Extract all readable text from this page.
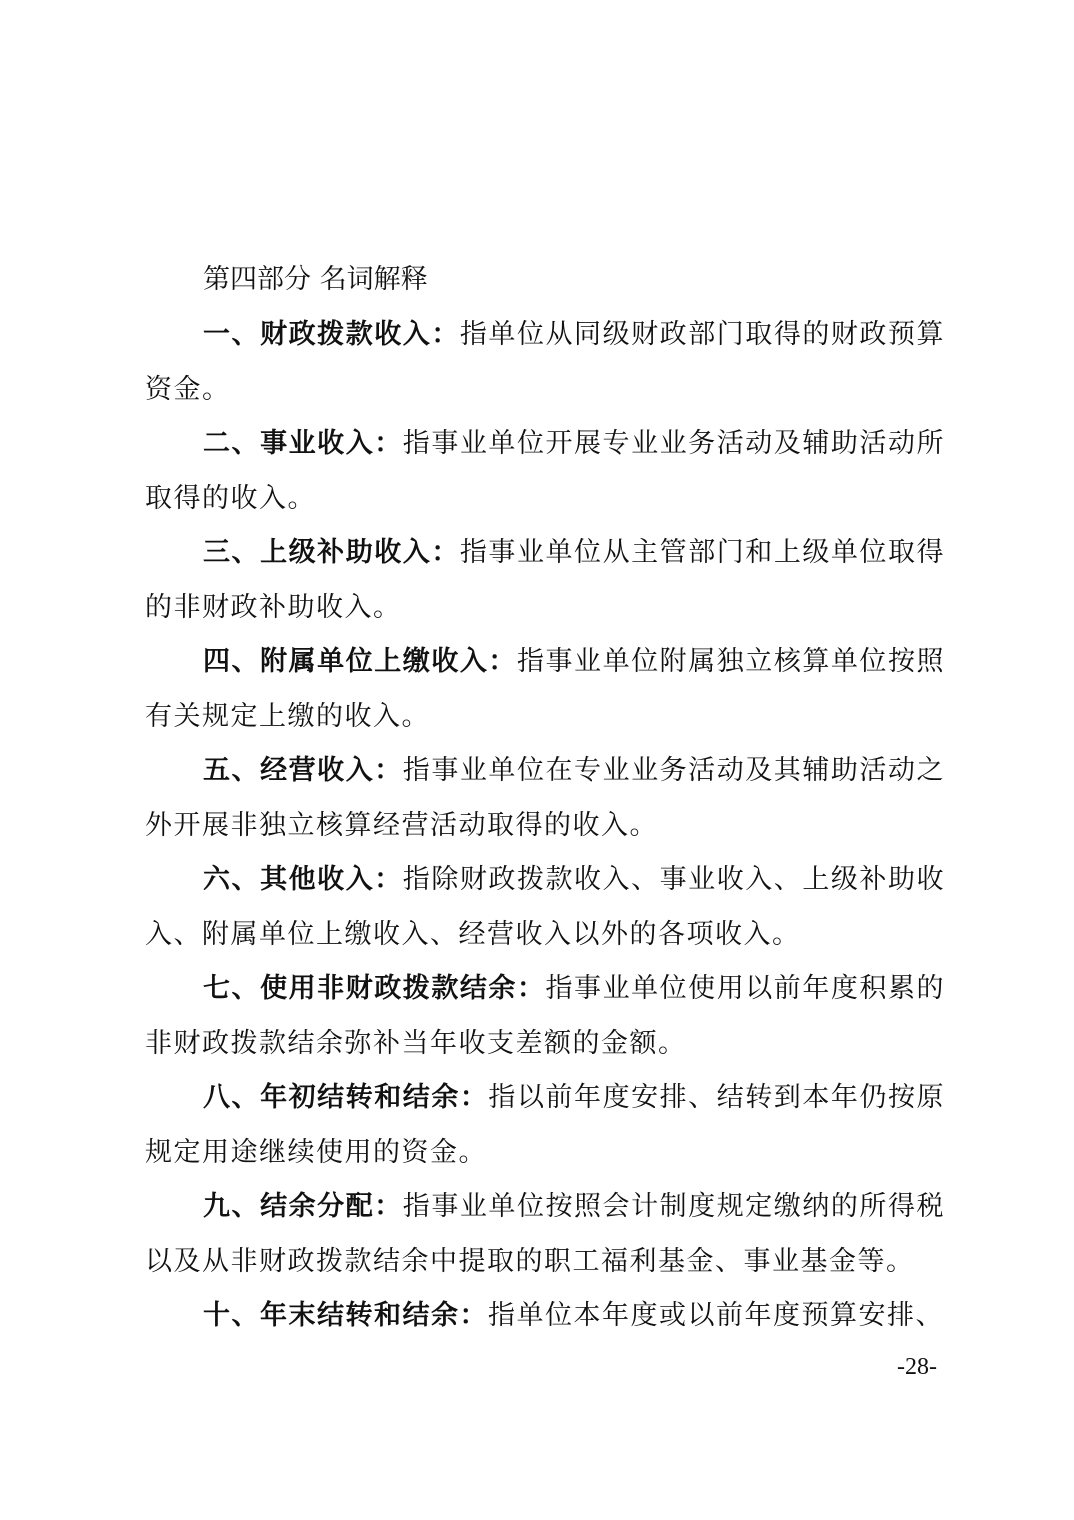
第四部分 名词解释

一、财政拨款收入：指单位从同级财政部门取得的财政预算资金。

二、事业收入：指事业单位开展专业业务活动及辅助活动所取得的收入。

三、上级补助收入：指事业单位从主管部门和上级单位取得的非财政补助收入。

四、附属单位上缴收入：指事业单位附属独立核算单位按照有关规定上缴的收入。

五、经营收入：指事业单位在专业业务活动及其辅助活动之外开展非独立核算经营活动取得的收入。

六、其他收入：指除财政拨款收入、事业收入、上级补助收入、附属单位上缴收入、经营收入以外的各项收入。

七、使用非财政拨款结余：指事业单位使用以前年度积累的非财政拨款结余弥补当年收支差额的金额。

八、年初结转和结余：指以前年度安排、结转到本年仍按原规定用途继续使用的资金。

九、结余分配：指事业单位按照会计制度规定缴纳的所得税以及从非财政拨款结余中提取的职工福利基金、事业基金等。

十、年末结转和结余：指单位本年度或以前年度预算安排、

-28-
